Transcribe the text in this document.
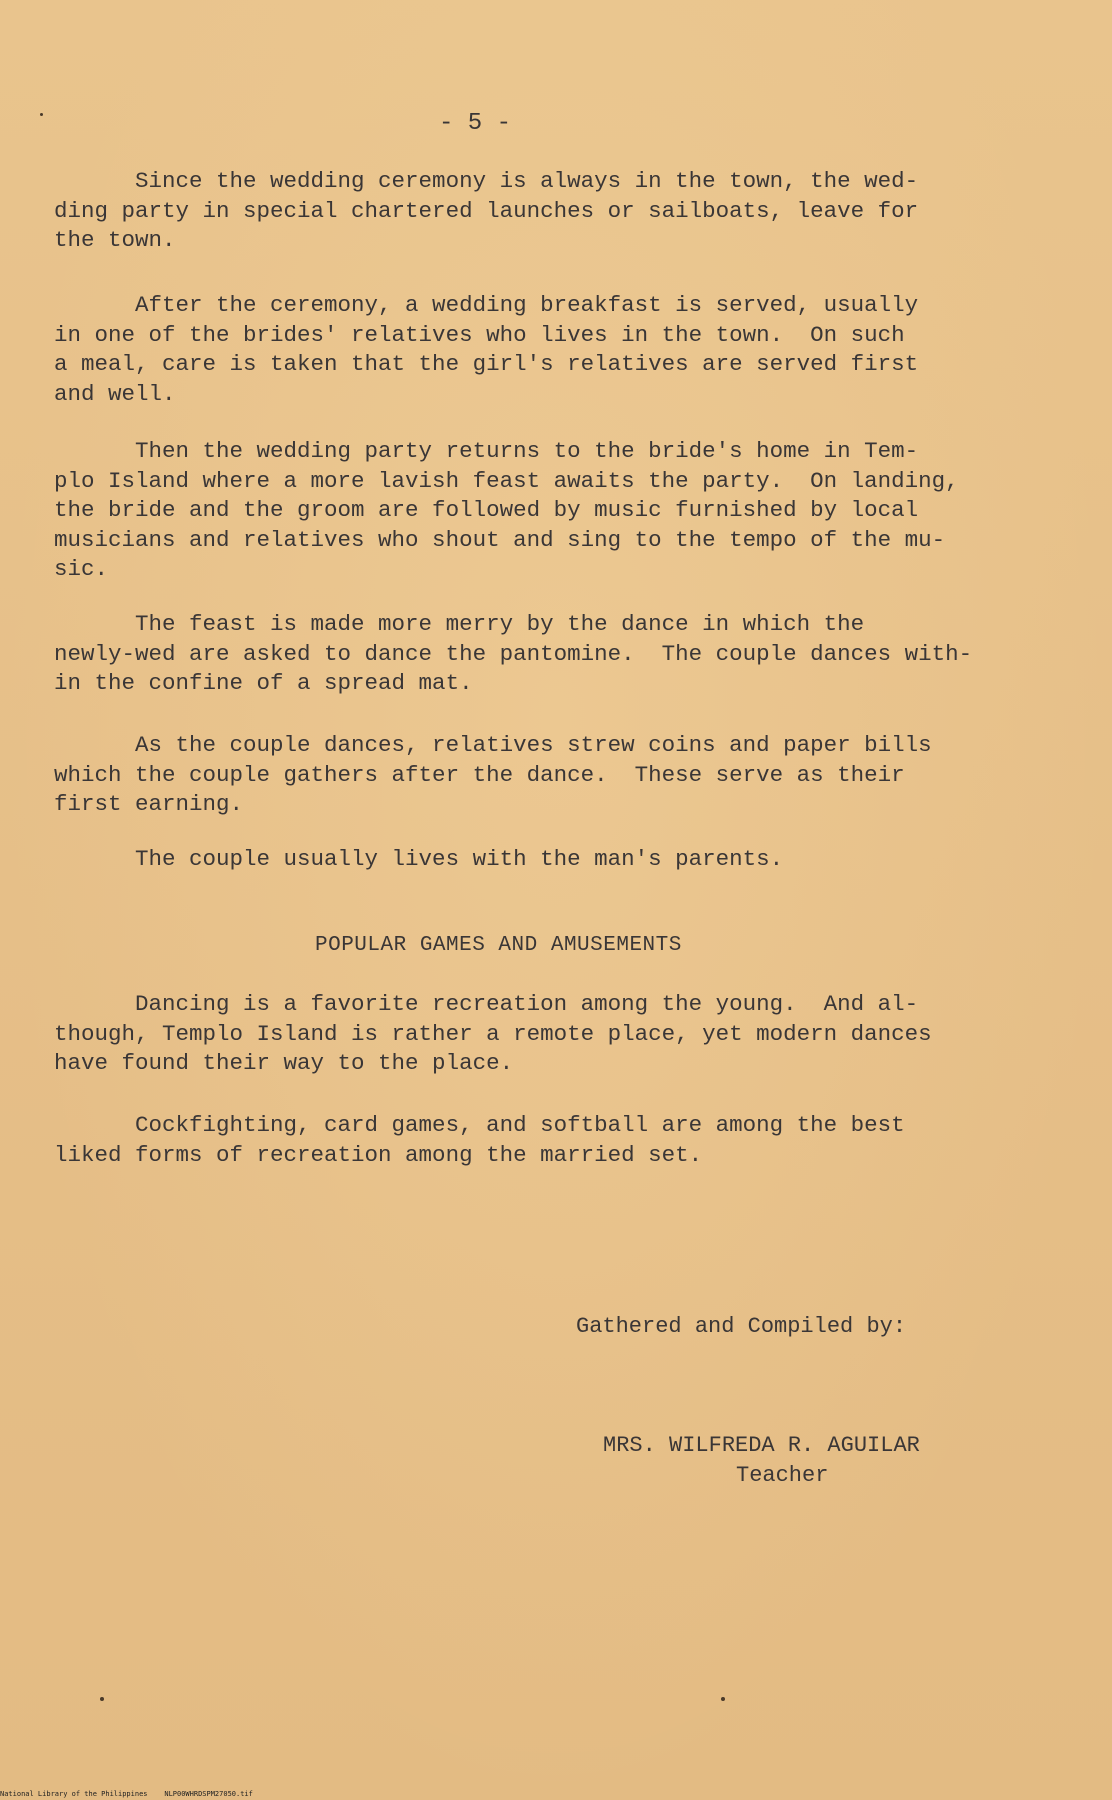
- 5 -

Since the wedding ceremony is always in the town, the wed-
ding party in special chartered launches or sailboats, leave for
the town.

After the ceremony, a wedding breakfast is served, usually
in one of the brides' relatives who lives in the town.  On such
a meal, care is taken that the girl's relatives are served first
and well.

Then the wedding party returns to the bride's home in Tem-
plo Island where a more lavish feast awaits the party.  On landing,
the bride and the groom are followed by music furnished by local
musicians and relatives who shout and sing to the tempo of the mu-
sic.

The feast is made more merry by the dance in which the
newly-wed are asked to dance the pantomine.  The couple dances with-
in the confine of a spread mat.

As the couple dances, relatives strew coins and paper bills
which the couple gathers after the dance.  These serve as their
first earning.

The couple usually lives with the man's parents.

POPULAR GAMES AND AMUSEMENTS

Dancing is a favorite recreation among the young.  And al-
though, Templo Island is rather a remote place, yet modern dances
have found their way to the place.

Cockfighting, card games, and softball are among the best
liked forms of recreation among the married set.

Gathered and Compiled by:
MRS. WILFREDA R. AGUILAR
Teacher
National Library of the Philippines    NLP00WHRDSPM27050.tif
